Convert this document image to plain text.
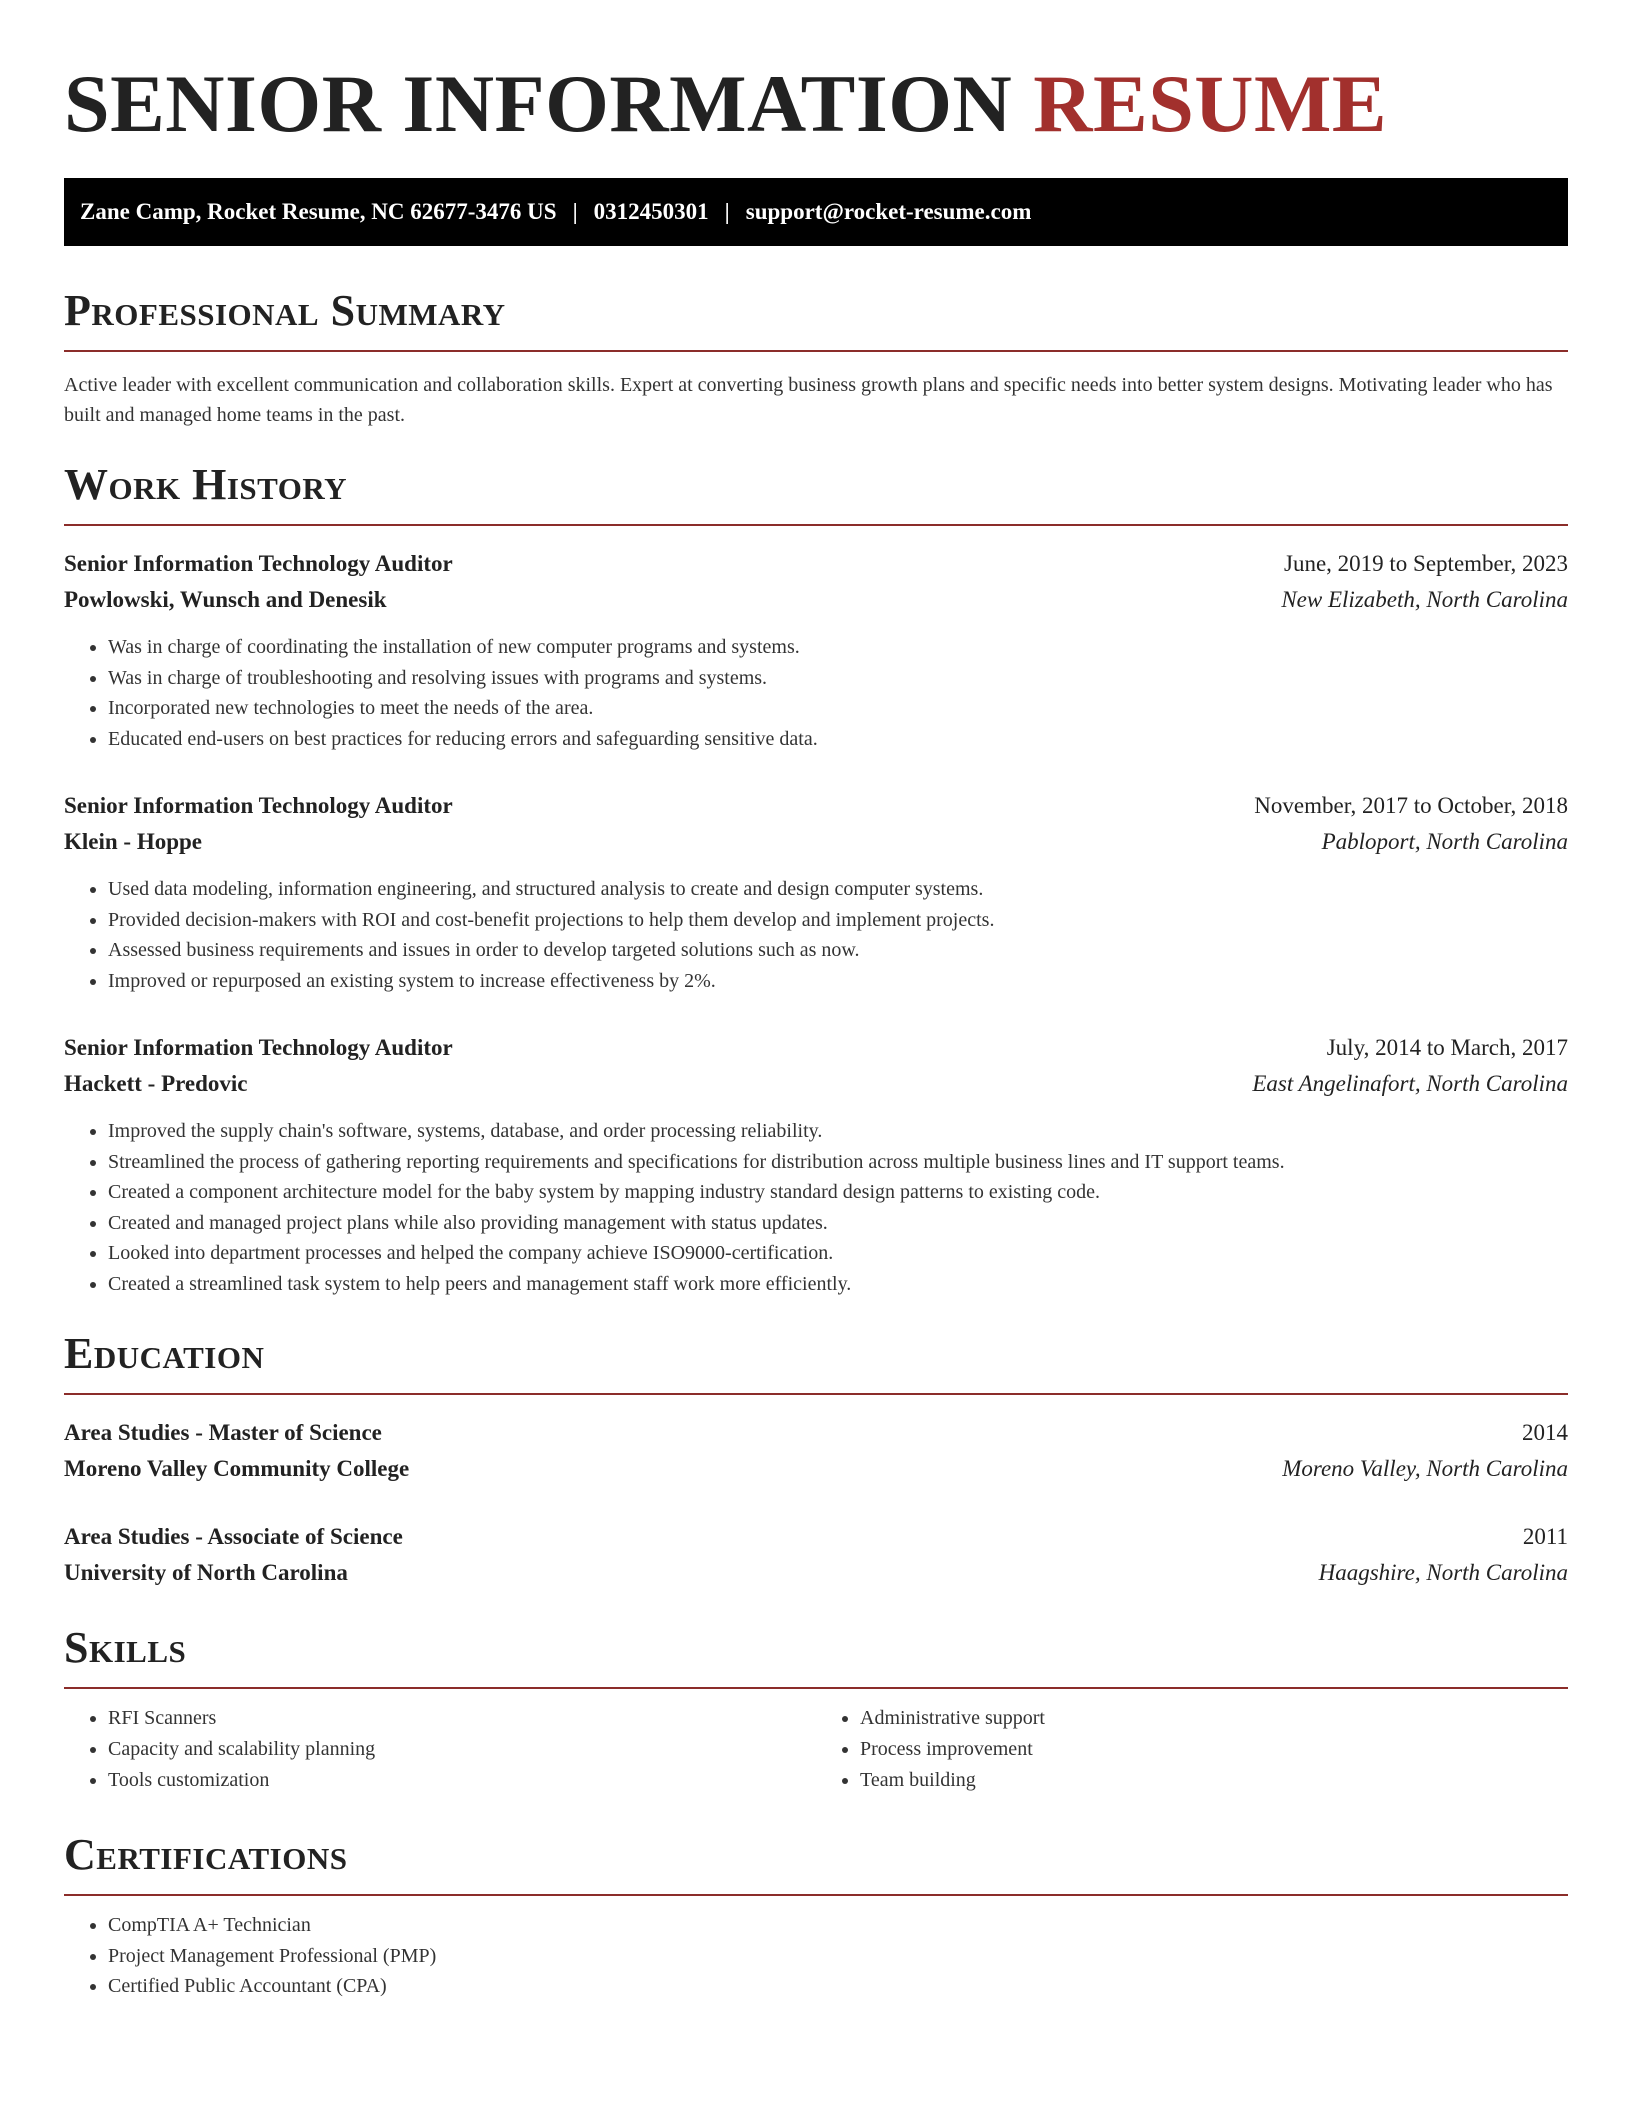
SENIOR INFORMATION RESUME
Zane Camp, Rocket Resume, NC 62677-3476 US | 0312450301 | support@rocket-resume.com
Professional Summary

Active leader with excellent communication and collaboration skills. Expert at converting business growth plans and specific needs into better system designs. Motivating leader who has built and managed home teams in the past.

Work History
Senior Information Technology Auditor	June, 2019 to September, 2023
Powlowski, Wunsch and Denesik	New Elizabeth, North Carolina
• Was in charge of coordinating the installation of new computer programs and systems.
• Was in charge of troubleshooting and resolving issues with programs and systems.
• Incorporated new technologies to meet the needs of the area.
• Educated end-users on best practices for reducing errors and safeguarding sensitive data.
Senior Information Technology Auditor	November, 2017 to October, 2018
Klein - Hoppe	Pabloport, North Carolina
• Used data modeling, information engineering, and structured analysis to create and design computer systems.
• Provided decision-makers with ROI and cost-benefit projections to help them develop and implement projects.
• Assessed business requirements and issues in order to develop targeted solutions such as now.
• Improved or repurposed an existing system to increase effectiveness by 2%.
Senior Information Technology Auditor	July, 2014 to March, 2017
Hackett - Predovic	East Angelinafort, North Carolina
• Improved the supply chain's software, systems, database, and order processing reliability.
• Streamlined the process of gathering reporting requirements and specifications for distribution across multiple business lines and IT support teams.
• Created a component architecture model for the baby system by mapping industry standard design patterns to existing code.
• Created and managed project plans while also providing management with status updates.
• Looked into department processes and helped the company achieve ISO9000-certification.
• Created a streamlined task system to help peers and management staff work more efficiently.
Education
Area Studies - Master of Science	2014
Moreno Valley Community College	Moreno Valley, North Carolina
Area Studies - Associate of Science	2011
University of North Carolina	Haagshire, North Carolina
Skills
• RFI Scanners
• Capacity and scalability planning
• Tools customization
• Administrative support
• Process improvement
• Team building
Certifications
• CompTIA A+ Technician
• Project Management Professional (PMP)
• Certified Public Accountant (CPA)
